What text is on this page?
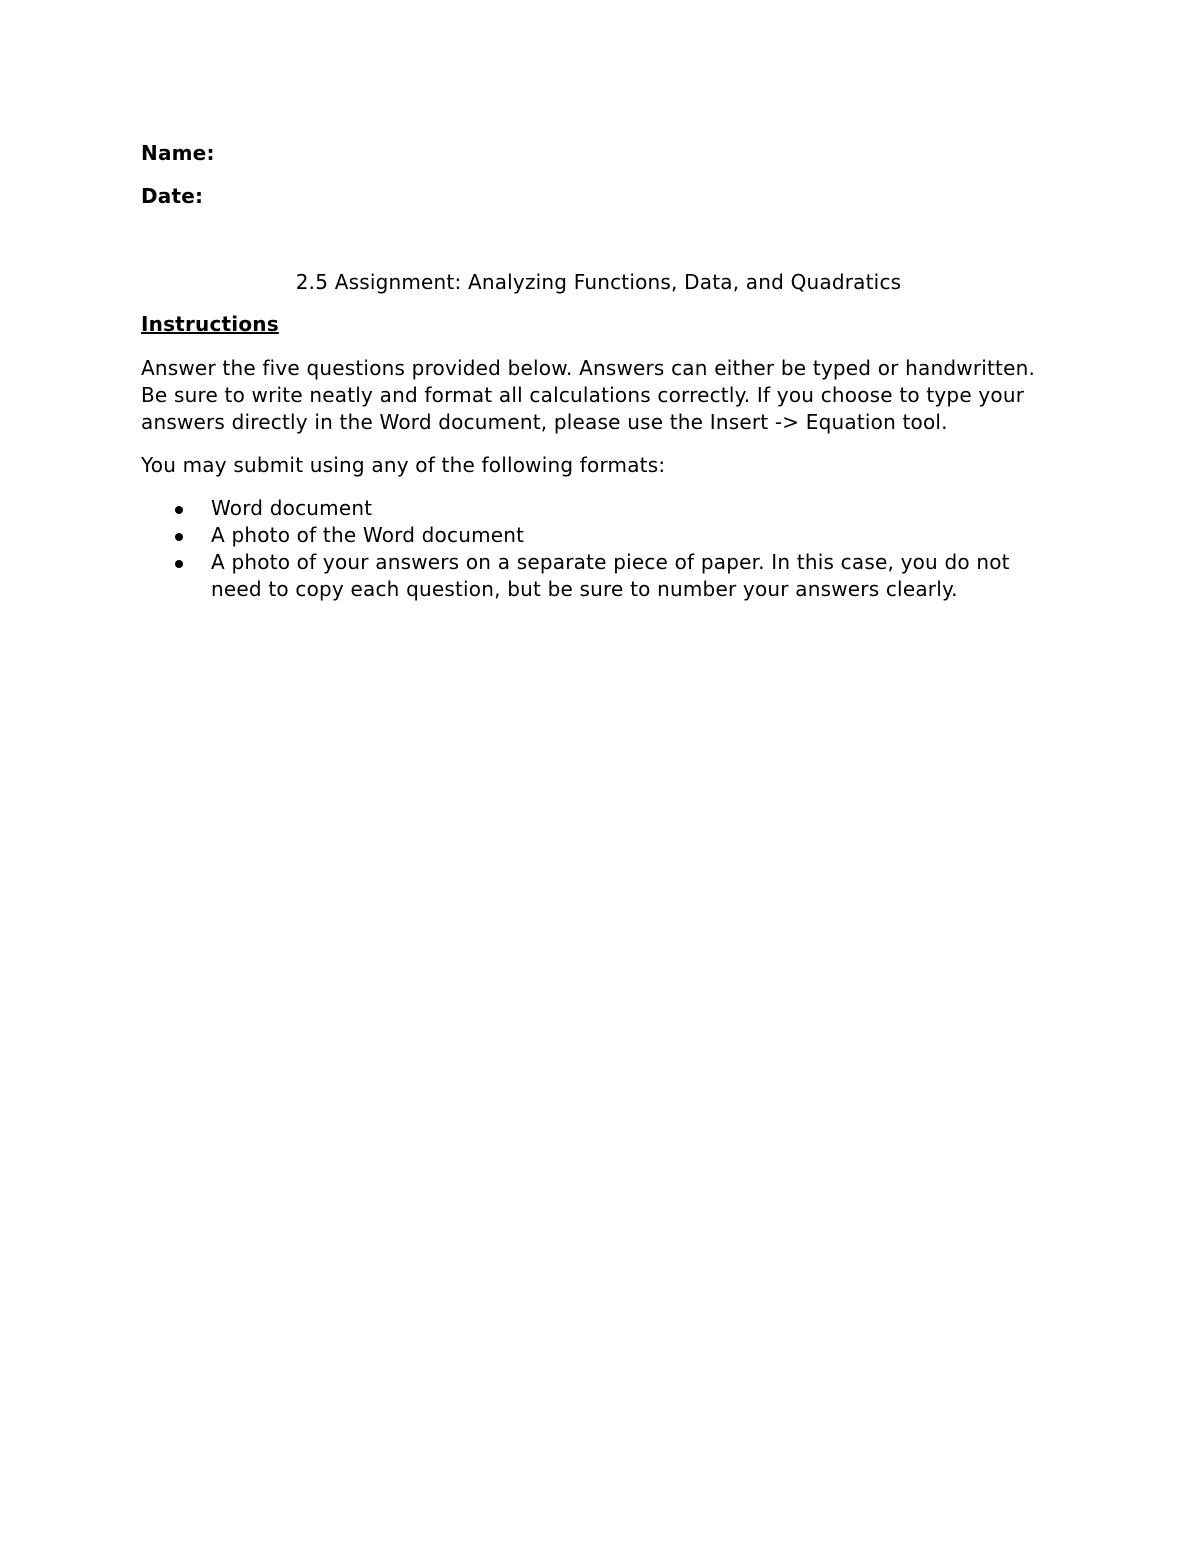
Name:

Date:

2.5 Assignment: Analyzing Functions, Data, and Quadratics

Instructions

Answer the five questions provided below. Answers can either be typed or handwritten. Be sure to write neatly and format all calculations correctly. If you choose to type your answers directly in the Word document, please use the Insert -> Equation tool.

You may submit using any of the following formats:

Word document
A photo of the Word document
A photo of your answers on a separate piece of paper. In this case, you do not need to copy each question, but be sure to number your answers clearly.
